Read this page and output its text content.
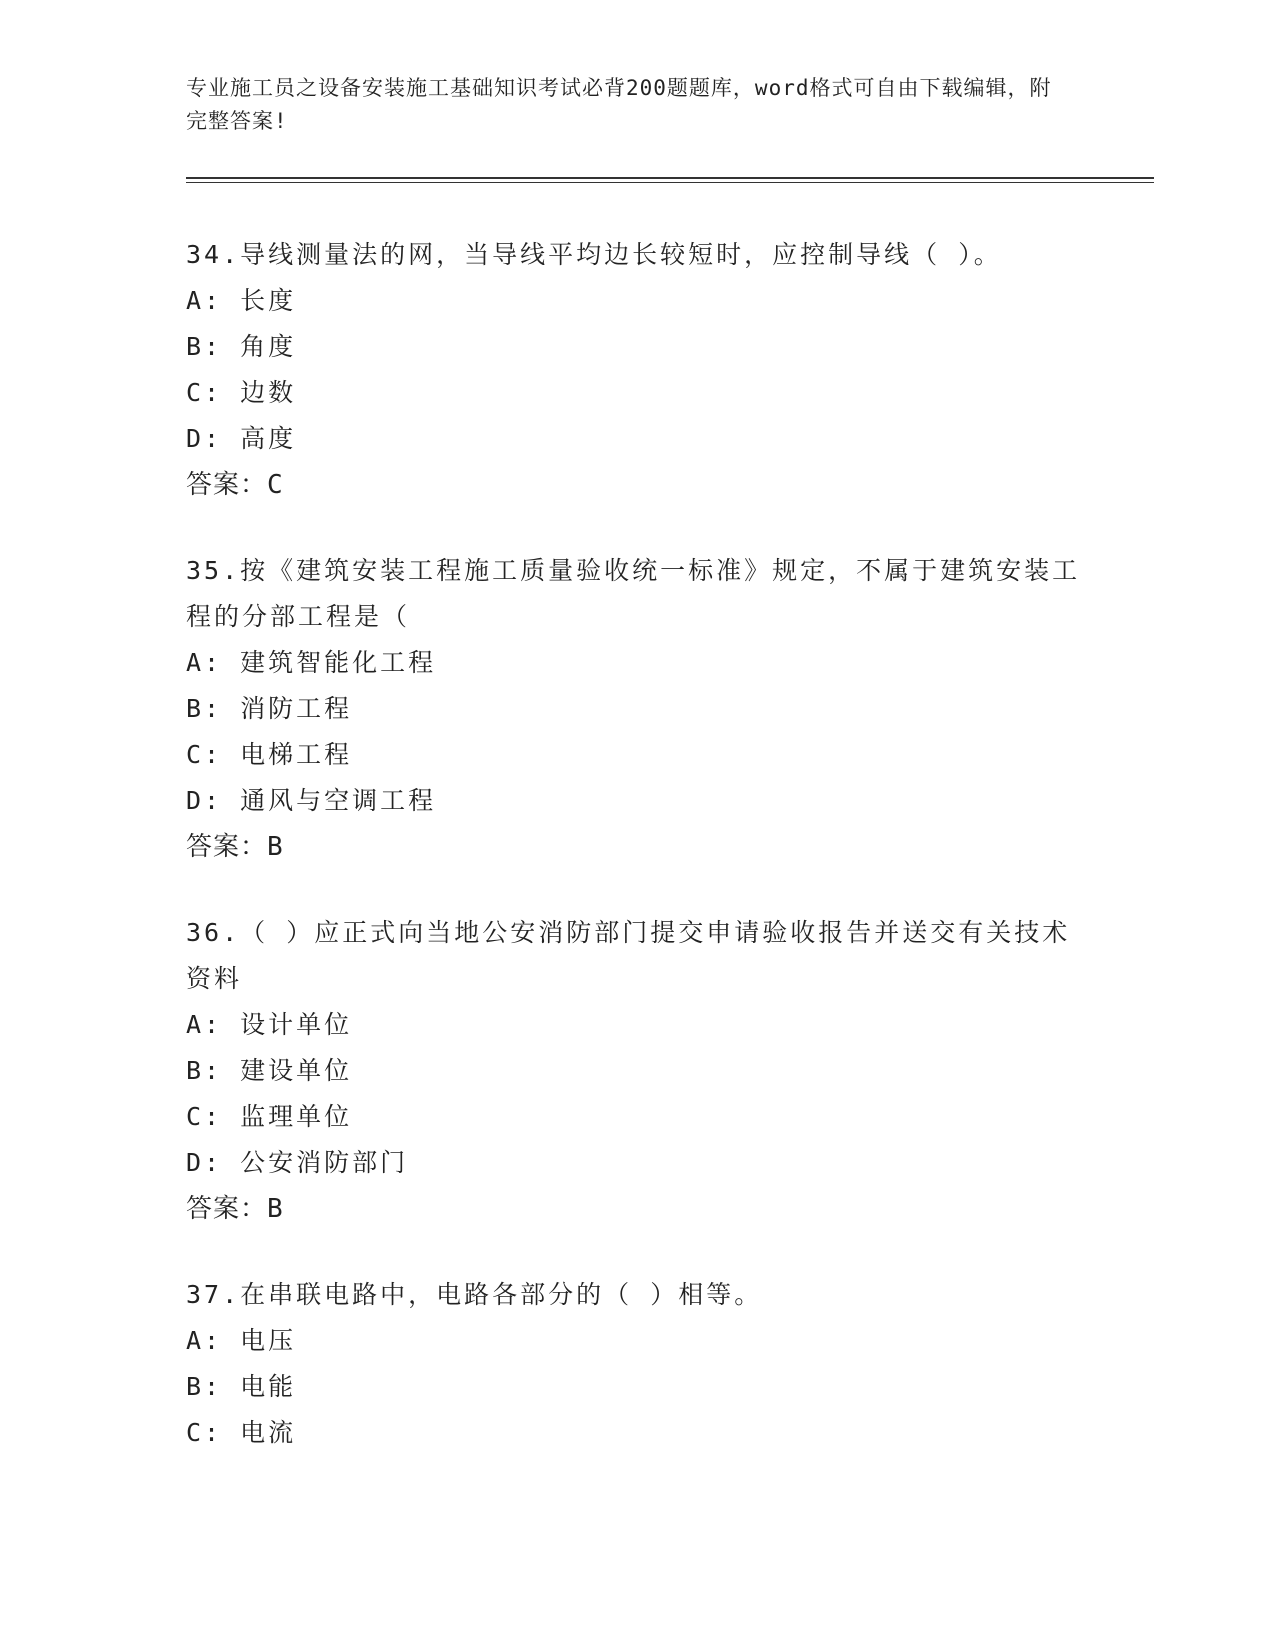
专业施工员之设备安装施工基础知识考试必背200题题库，word格式可自由下载编辑，附完整答案!
34.导线测量法的网，当导线平均边长较短时，应控制导线（ ）。
A: 长度
B: 角度
C: 边数
D: 高度
答案：C
35.按《建筑安装工程施工质量验收统一标准》规定，不属于建筑安装工程的分部工程是（
A: 建筑智能化工程
B: 消防工程
C: 电梯工程
D: 通风与空调工程
答案：B
36.（ ）应正式向当地公安消防部门提交申请验收报告并送交有关技术资料
A: 设计单位
B: 建设单位
C: 监理单位
D: 公安消防部门
答案：B
37.在串联电路中，电路各部分的（ ）相等。
A: 电压
B: 电能
C: 电流
